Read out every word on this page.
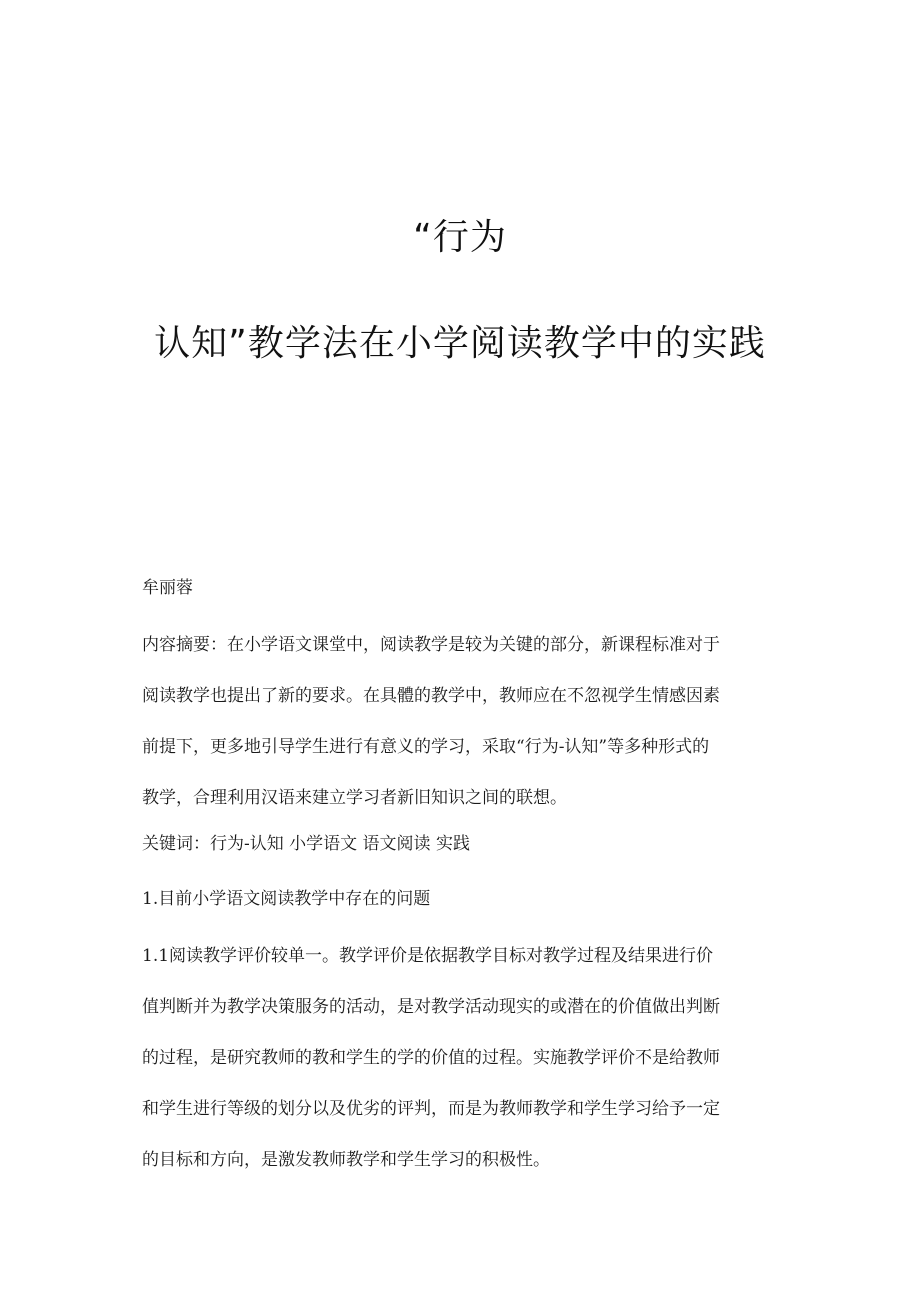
“行为
认知”教学法在小学阅读教学中的实践
牟丽蓉
内容摘要：在小学语文课堂中，阅读教学是较为关键的部分，新课程标准对于
阅读教学也提出了新的要求。在具體的教学中，教师应在不忽视学生情感因素
前提下，更多地引导学生进行有意义的学习，采取“行为-认知”等多种形式的
教学，合理利用汉语来建立学习者新旧知识之间的联想。
关键词：行为-认知 小学语文 语文阅读 实践
1.目前小学语文阅读教学中存在的问题
1.1阅读教学评价较单一。教学评价是依据教学目标对教学过程及结果进行价
值判断并为教学决策服务的活动，是对教学活动现实的或潜在的价值做出判断
的过程，是研究教师的教和学生的学的价值的过程。实施教学评价不是给教师
和学生进行等级的划分以及优劣的评判，而是为教师教学和学生学习给予一定
的目标和方向，是激发教师教学和学生学习的积极性。
